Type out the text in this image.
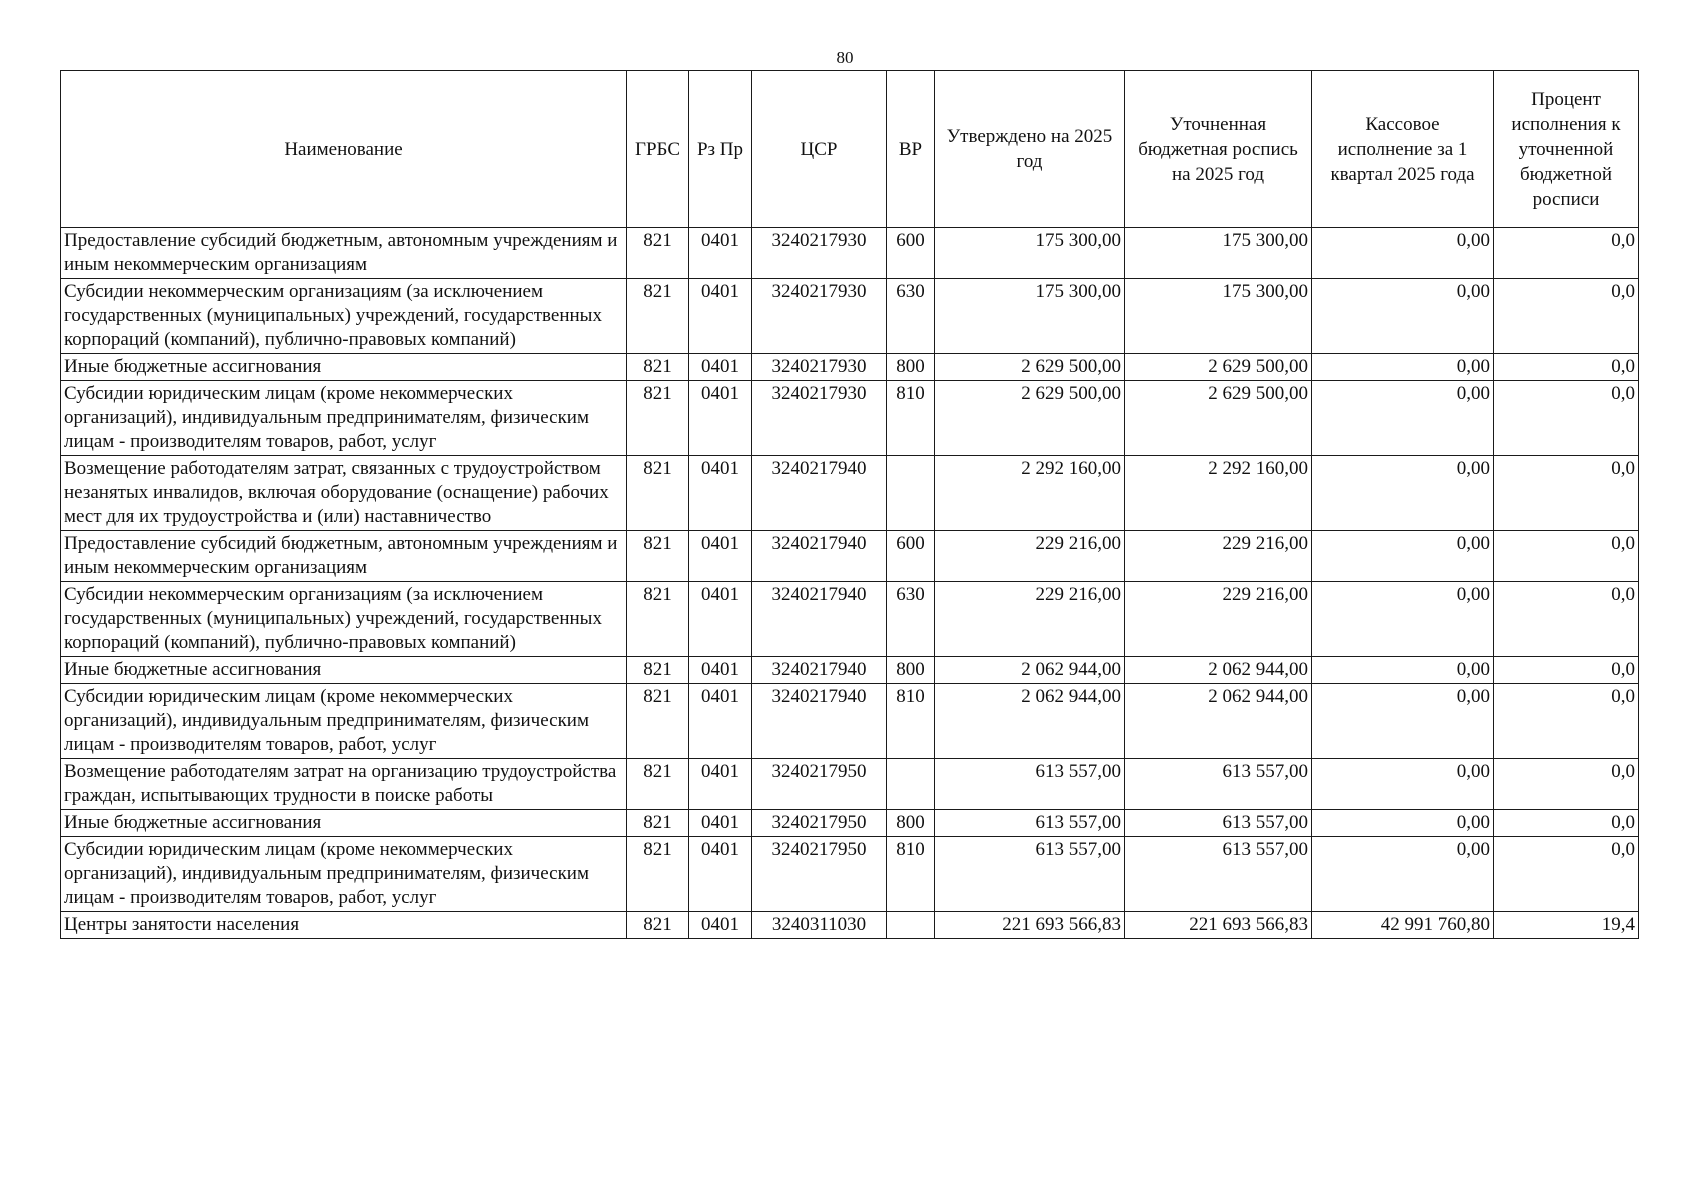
80
Наименование	ГРБС	Рз Пр	ЦСР	ВР	Утверждено на 2025 год	Уточненная бюджетная роспись на 2025 год	Кассовое исполнение за 1 квартал 2025 года	Процент исполнения к уточненной бюджетной росписи
Предоставление субсидий бюджетным, автономным учреждениям и иным некоммерческим организациям	821	0401	3240217930	600	175 300,00	175 300,00	0,00	0,0
Субсидии некоммерческим организациям (за исключением государственных (муниципальных) учреждений, государственных корпораций (компаний), публично-правовых компаний)	821	0401	3240217930	630	175 300,00	175 300,00	0,00	0,0
Иные бюджетные ассигнования	821	0401	3240217930	800	2 629 500,00	2 629 500,00	0,00	0,0
Субсидии юридическим лицам (кроме некоммерческих организаций), индивидуальным предпринимателям, физическим лицам - производителям товаров, работ, услуг	821	0401	3240217930	810	2 629 500,00	2 629 500,00	0,00	0,0
Возмещение работодателям затрат, связанных с трудоустройством незанятых инвалидов, включая оборудование (оснащение) рабочих мест для их трудоустройства и (или) наставничество	821	0401	3240217940		2 292 160,00	2 292 160,00	0,00	0,0
Предоставление субсидий бюджетным, автономным учреждениям и иным некоммерческим организациям	821	0401	3240217940	600	229 216,00	229 216,00	0,00	0,0
Субсидии некоммерческим организациям (за исключением государственных (муниципальных) учреждений, государственных корпораций (компаний), публично-правовых компаний)	821	0401	3240217940	630	229 216,00	229 216,00	0,00	0,0
Иные бюджетные ассигнования	821	0401	3240217940	800	2 062 944,00	2 062 944,00	0,00	0,0
Субсидии юридическим лицам (кроме некоммерческих организаций), индивидуальным предпринимателям, физическим лицам - производителям товаров, работ, услуг	821	0401	3240217940	810	2 062 944,00	2 062 944,00	0,00	0,0
Возмещение работодателям затрат на организацию трудоустройства граждан, испытывающих трудности в поиске работы	821	0401	3240217950		613 557,00	613 557,00	0,00	0,0
Иные бюджетные ассигнования	821	0401	3240217950	800	613 557,00	613 557,00	0,00	0,0
Субсидии юридическим лицам (кроме некоммерческих организаций), индивидуальным предпринимателям, физическим лицам - производителям товаров, работ, услуг	821	0401	3240217950	810	613 557,00	613 557,00	0,00	0,0
Центры занятости населения	821	0401	3240311030		221 693 566,83	221 693 566,83	42 991 760,80	19,4
